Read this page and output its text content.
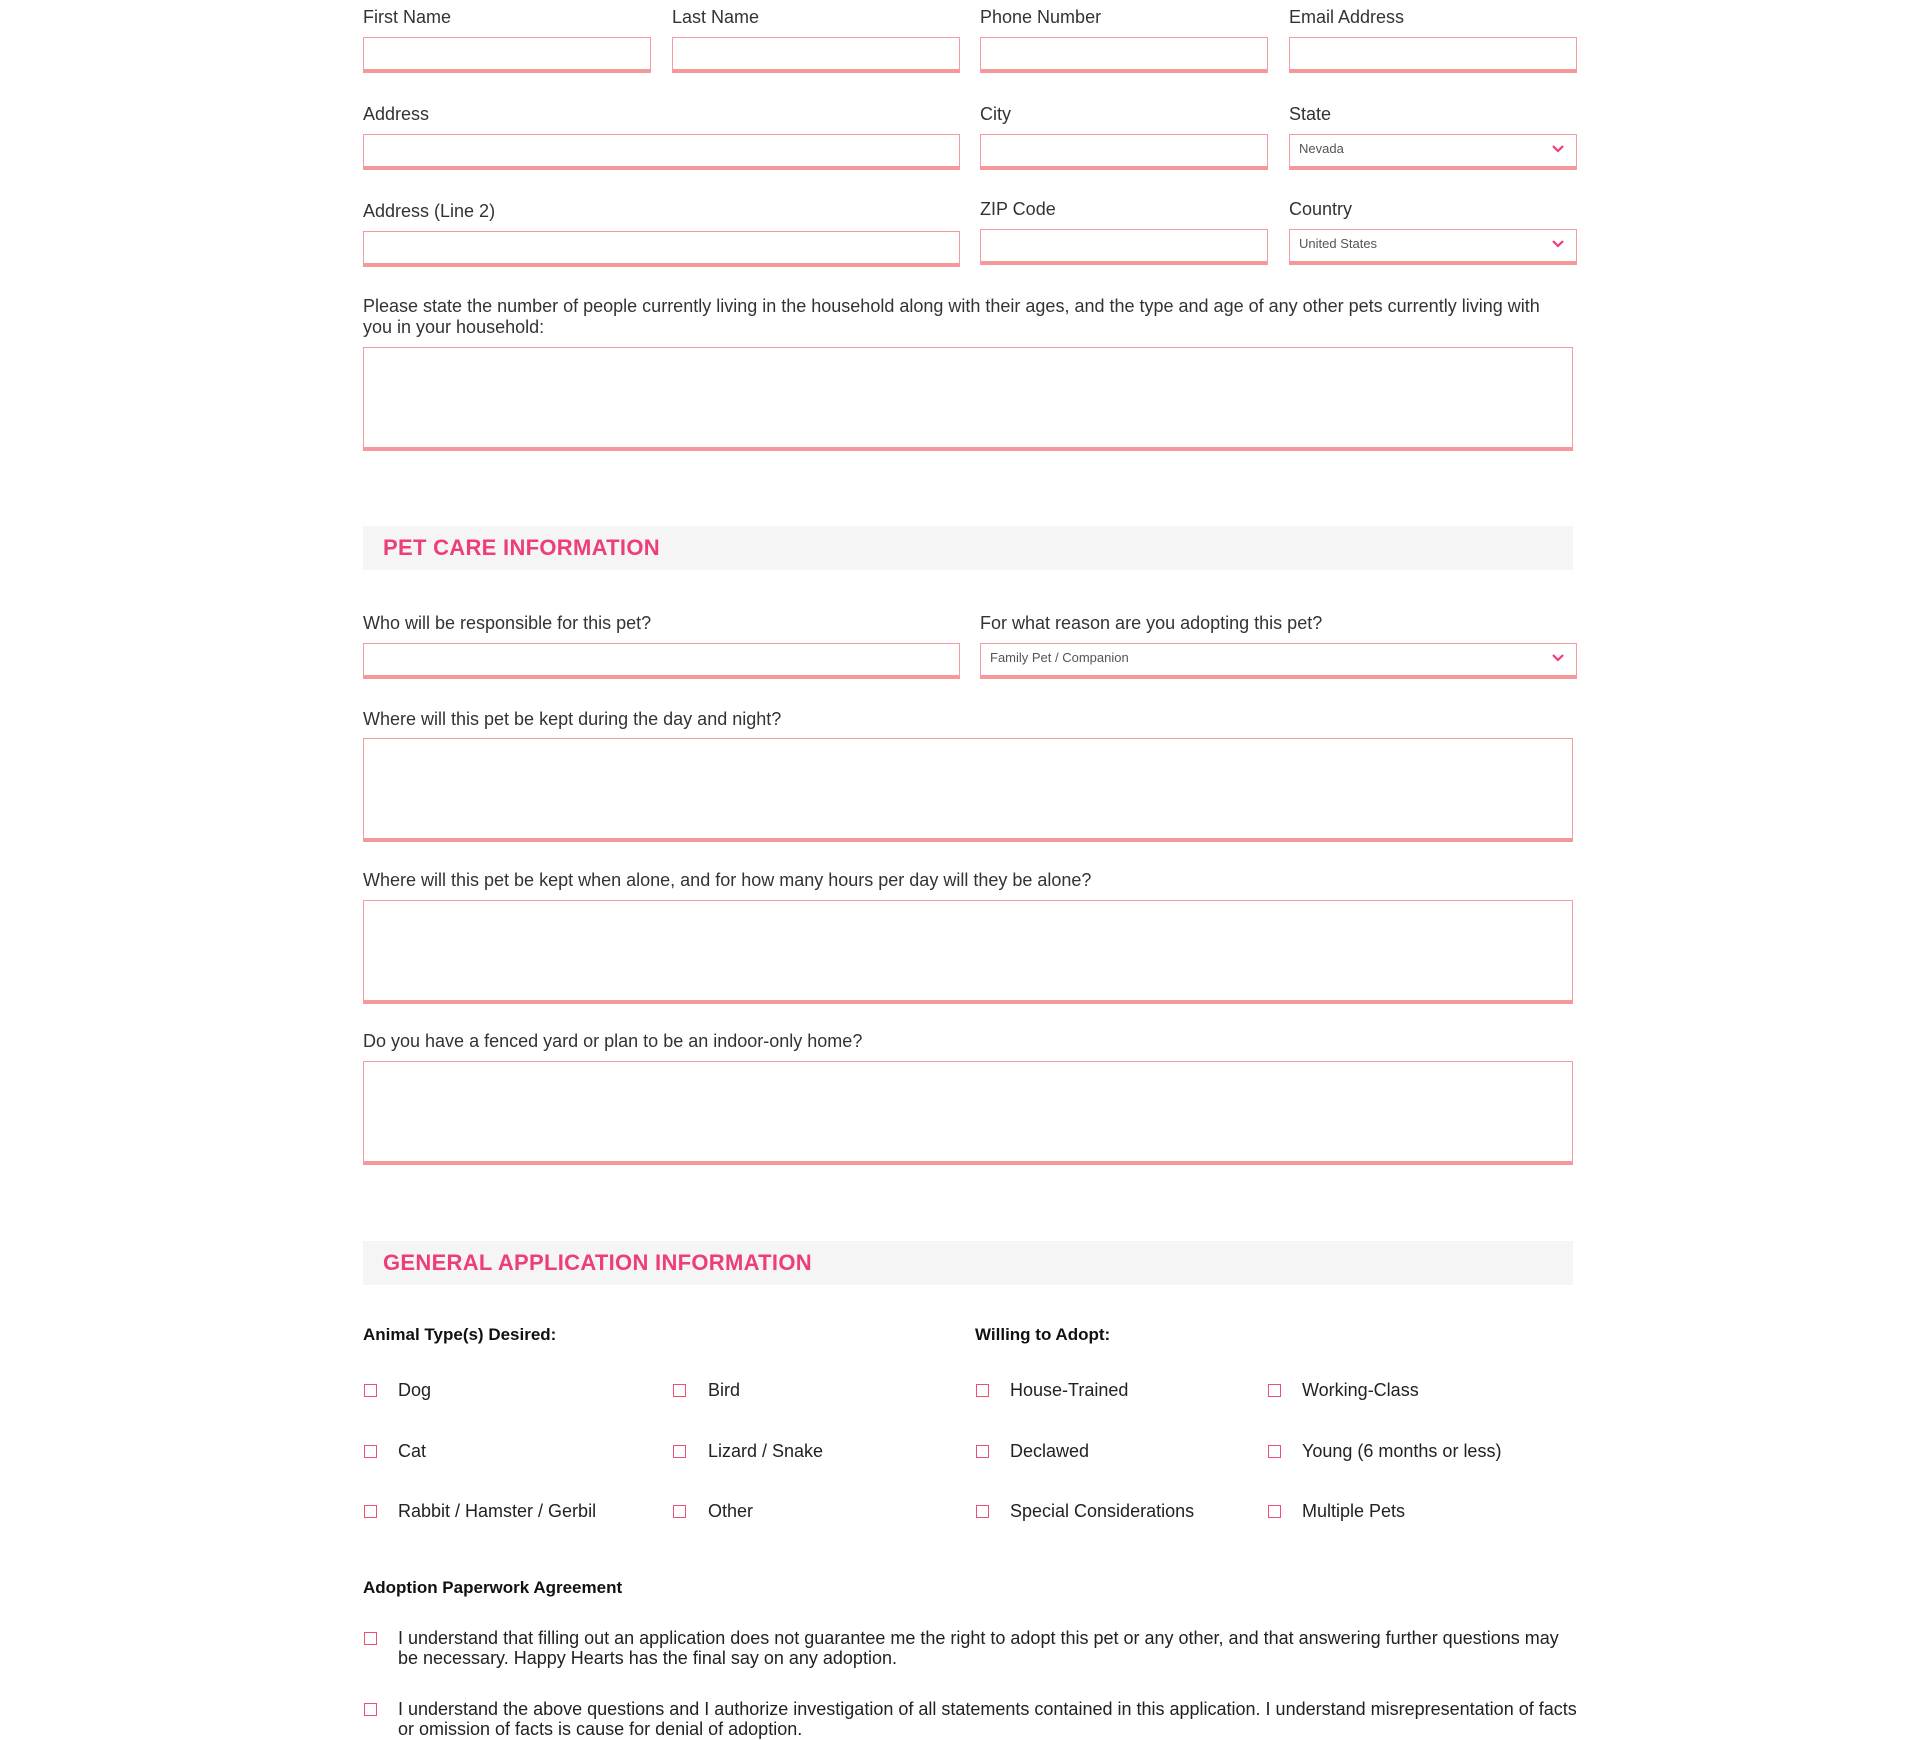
First Name	Last Name	Phone Number	Email Address
Address	City	State
Nevada
Address (Line 2)	ZIP Code	Country
United States
Please state the number of people currently living in the household along with their ages, and the type and age of any other pets currently living with you in your household:
PET CARE INFORMATION
Who will be responsible for this pet?	For what reason are you adopting this pet?
Family Pet / Companion
Where will this pet be kept during the day and night?
Where will this pet be kept when alone, and for how many hours per day will they be alone?
Do you have a fenced yard or plan to be an indoor-only home?
GENERAL APPLICATION INFORMATION
Animal Type(s) Desired:	Willing to Adopt:
Dog	Bird
Cat	Lizard / Snake
Rabbit / Hamster / Gerbil	Other
House-Trained	Working-Class
Declawed	Young (6 months or less)
Special Considerations	Multiple Pets
Adoption Paperwork Agreement
I understand that filling out an application does not guarantee me the right to adopt this pet or any other, and that answering further questions may be necessary. Happy Hearts has the final say on any adoption.
I understand the above questions and I authorize investigation of all statements contained in this application. I understand misrepresentation of facts or omission of facts is cause for denial of adoption.
